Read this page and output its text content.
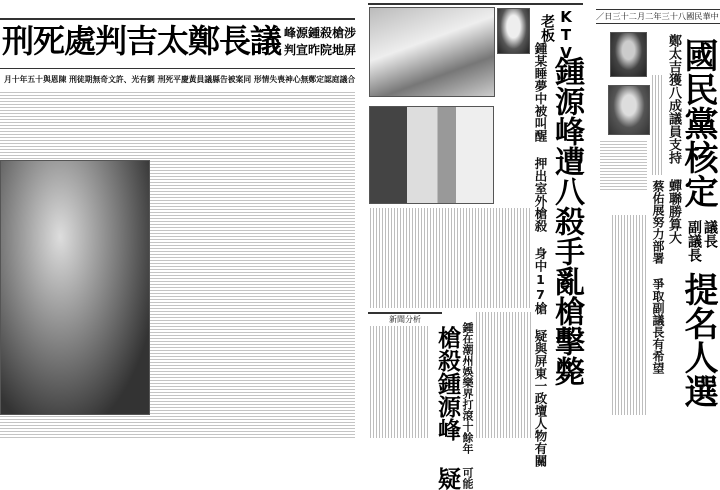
刑死處判吉太鄭長議 峰源鍾殺槍涉
判宣昨院地屏
月十年五十與恩陳 刑徒期無奇文許、光有劉 刑死平慶黃員議縣告被案同 形情失喪神心無鄭定認庭議合
KTV
老板
鍾源峰遭八殺手亂槍擊斃
鍾某睡夢中被叫醒 押出室外槍殺 身中17槍 疑與屏東一政壇人物有關
新聞分析
槍殺鍾源峰 疑 鍾在潮州娛樂界打滾十餘年 可能
／日三十二月二年三十八國民華中
國民黨核定
議長
副議長
提名人選
鄭太吉獲八成議員支持 蟬聯勝算大
蔡佑展努力部署 爭取副議長有希望
